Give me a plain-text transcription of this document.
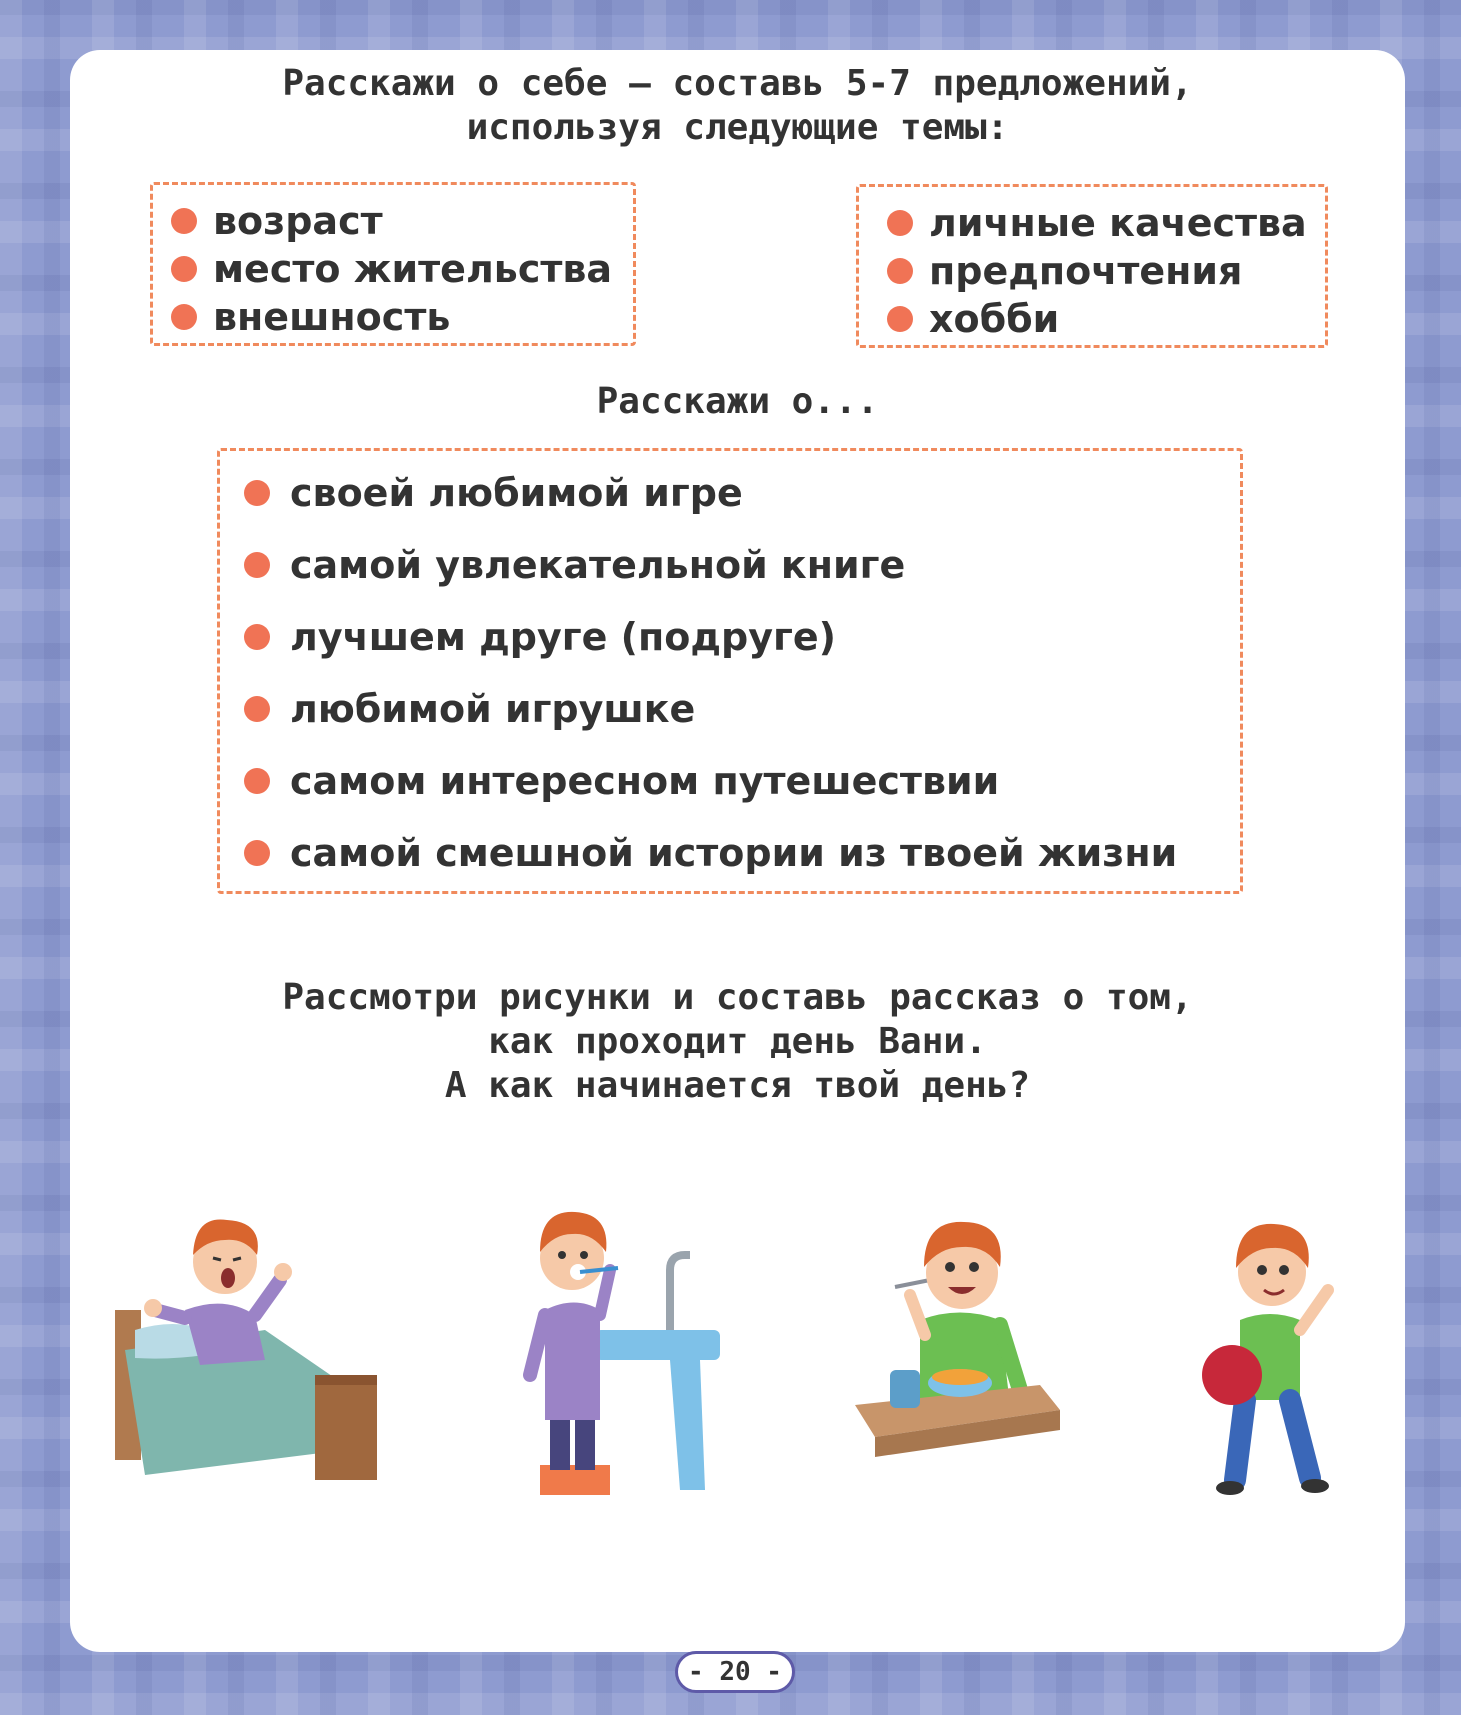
Расскажи о себе — составь 5-7 предложений,
используя следующие темы:
возраст
место жительства
внешность
личные качества
предпочтения
хобби
Расскажи о...
своей любимой игре
самой увлекательной книге
лучшем друге (подруге)
любимой игрушке
самом интересном путешествии
самой смешной истории из твоей жизни
Рассмотри рисунки и составь рассказ о том,
как проходит день Вани.
А как начинается твой день?
- 20 -
